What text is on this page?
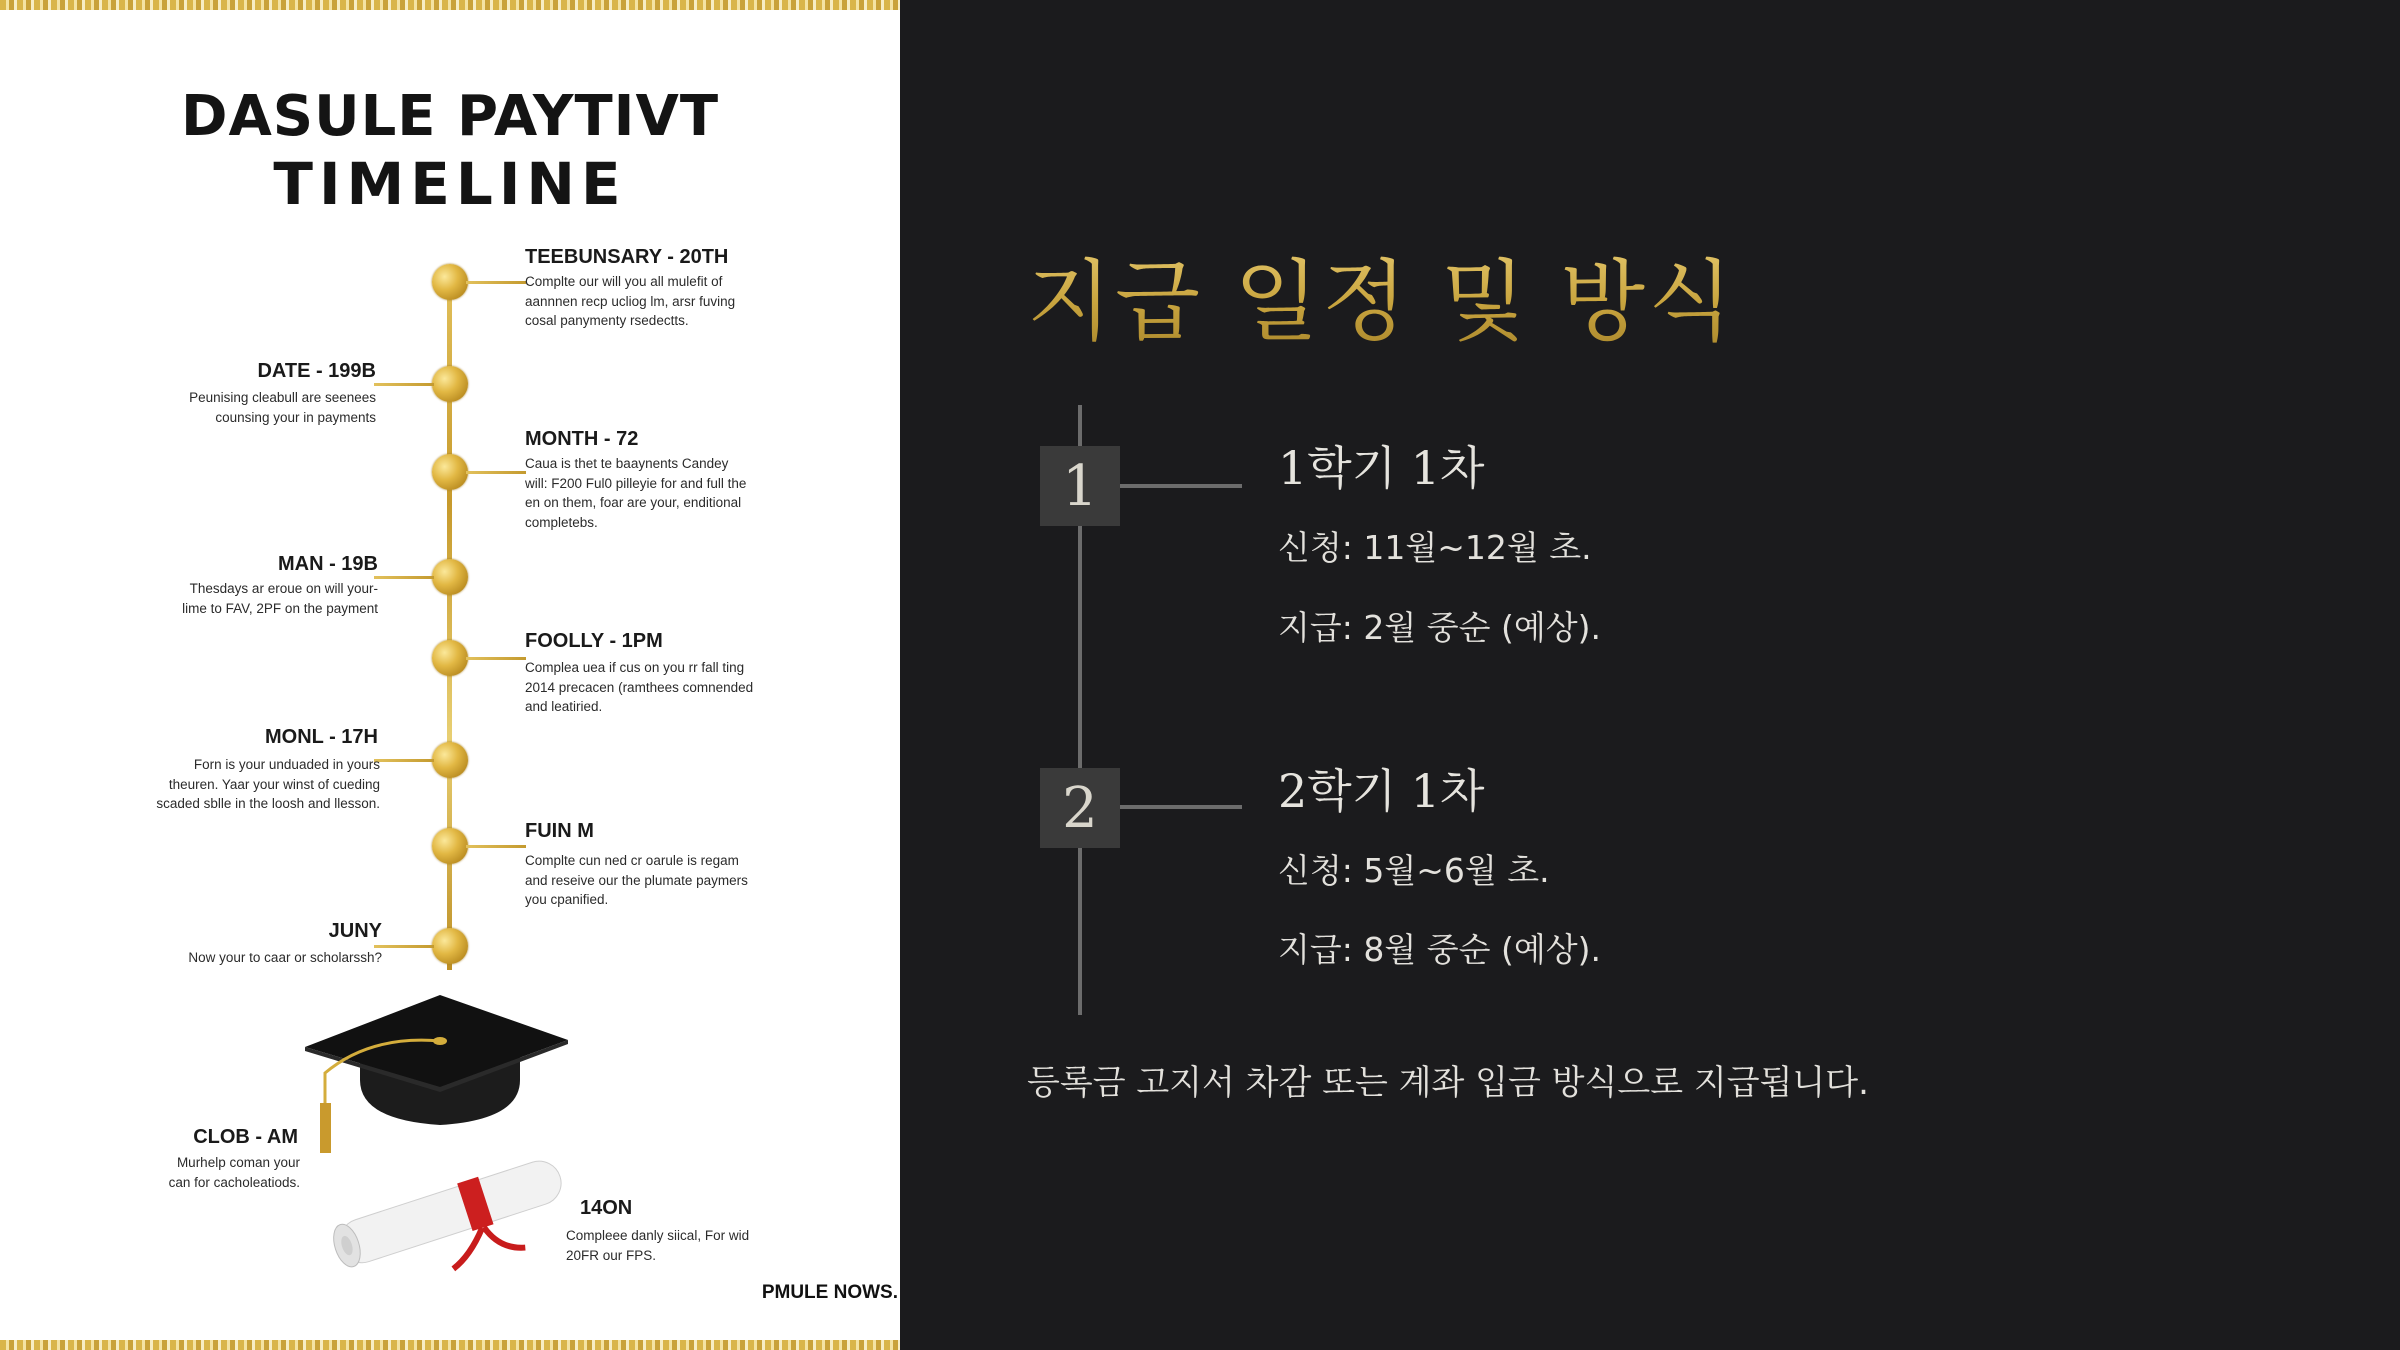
DASULE PAYTIVT
TIMELINE
TEEBUNSARY - 20TH
Complte our will you all mulefit of
aannnen recp ucliog lm, arsr fuving
cosal panymenty rsedectts.
DATE - 199B
Peunising cleabull are seenees
counsing your in payments
MONTH - 72
Caua is thet te baaynents Candey
will: F200 Ful0 pilleyie for and full the
en on them, foar are your, enditional
completebs.
MAN - 19B
Thesdays ar eroue on will your-
lime to FAV, 2PF on the payment
FOOLLY - 1PM
Complea uea if cus on you rr fall ting
2014 precacen (ramthees comnended
and leatiried.
MONL - 17H
Forn is your unduaded in yours
theuren. Yaar your winst of cueding
scaded sblle in the loosh and llesson.
FUIN M
Complte cun ned cr oarule is regam
and reseive our the plumate paymers
you cpanified.
JUNY
Now your to caar or scholarssh?
CLOB - AM
Murhelp coman your
can for cacholeatiods.
14ON
Compleee danly siical, For wid
20FR our FPS.
PMULE NOWS.
지급 일정 및 방식
1	1학기 1차
신청: 11월~12월 초.
지급: 2월 중순 (예상).
2	2학기 1차
신청: 5월~6월 초.
지급: 8월 중순 (예상).
등록금 고지서 차감 또는 계좌 입금 방식으로 지급됩니다.
